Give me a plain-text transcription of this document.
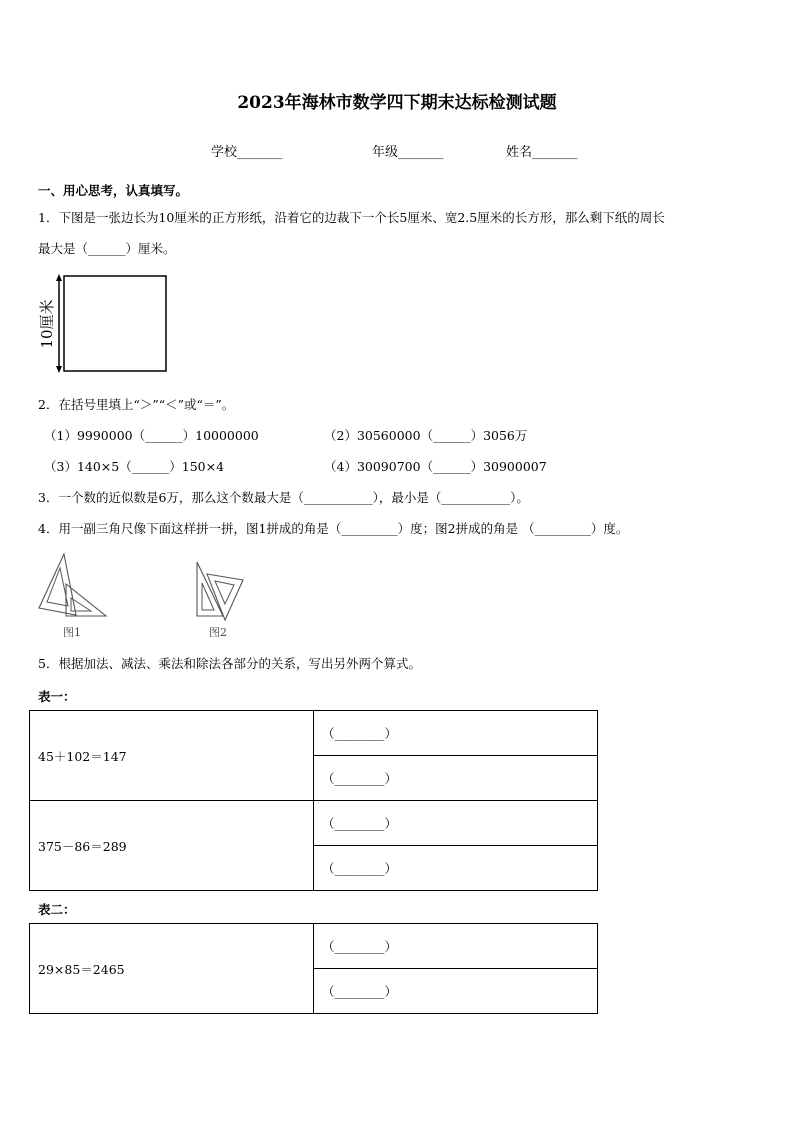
2023年海林市数学四下期末达标检测试题
学校_______	年级_______	姓名_______
一、用心思考，认真填写。
1．下图是一张边长为10厘米的正方形纸，沿着它的边裁下一个长5厘米、宽2.5厘米的长方形，那么剩下纸的周长
最大是（______）厘米。
10厘米
2．在括号里填上“＞”“＜”或“＝”。
（1）9990000（______）10000000	（2）30560000（______）3056万
（3）140×5（______）150×4	（4）30090700（______）30900007
3．一个数的近似数是6万，那么这个数最大是（___________），最小是（___________）。
4．用一副三角尺像下面这样拼一拼，图1拼成的角是（_________）度；图2拼成的角是 （_________）度。
图1	图2
5．根据加法、减法、乘法和除法各部分的关系，写出另外两个算式。
表一：
45＋102＝147	（________）
	（________）
375－86＝289	（________）
	（________）
表二：
29×85＝2465	（________）
（________）
